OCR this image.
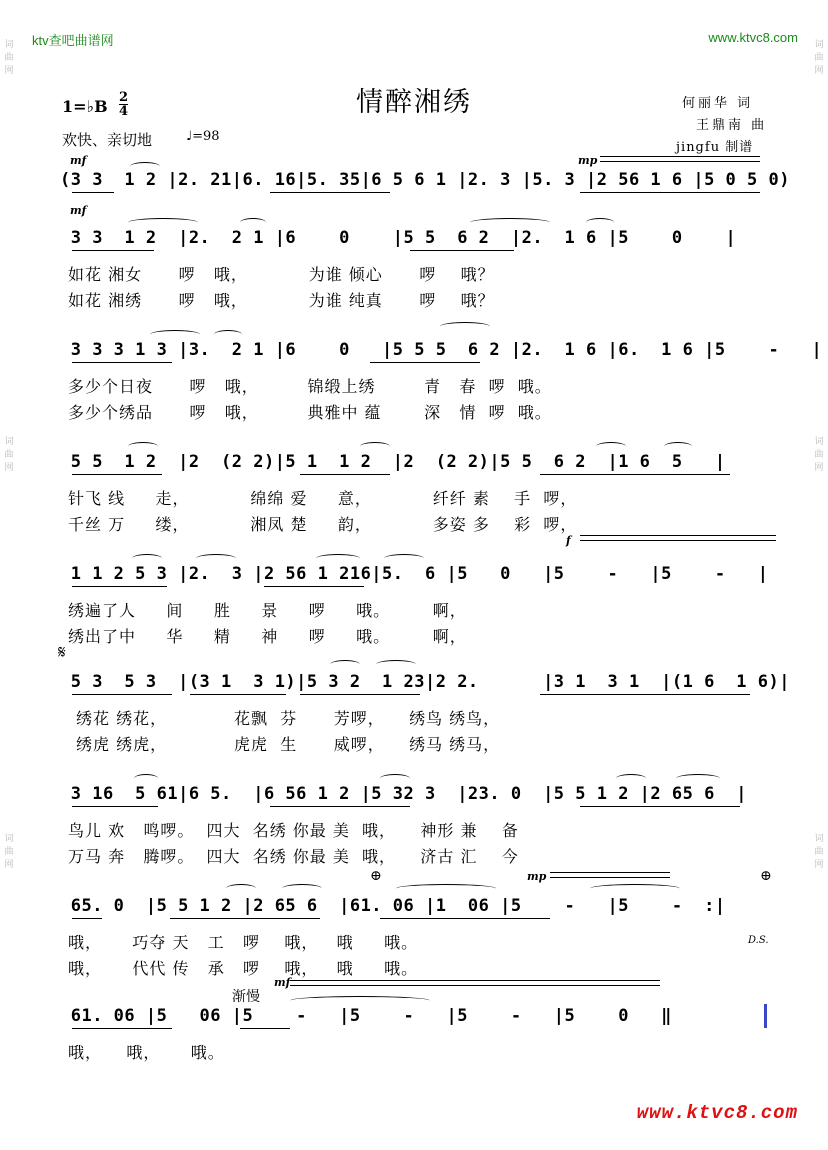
词
曲
网
词
曲
网
词
曲
网
词
曲
网
词
曲
网
词
曲
网
ktv查吧曲谱网	www.ktvc8.com
情醉湘绣
1=♭B 2
4
欢快、亲切地	♩=98
何丽华 词
王鼎南 曲
jingfu 制谱
mf	mp
mf
f
𝄋
⊕	mp	⊕
D.S.
渐慢
mf
(3 3  1 2 |2. 21|6. 16|5. 35|6 5 6 1 |2. 3 |5. 3 |2 56 1 6 |5 0 5 0)
3 3  1 2  |2.  2 1 |6    0    |5 5  6 2  |2.  1 6 |5    0    |
如花 湘女      啰   哦，          为谁 倾心      啰    哦？
如花 湘绣      啰   哦，          为谁 纯真      啰    哦？
3 3 3 1 3 |3.  2 1 |6    0   |5 5 5  6 2 |2.  1 6 |6.  1 6 |5    -   |
多少个日夜      啰   哦，        锦缎上绣        青   春  啰  哦。
多少个绣品      啰   哦，        典雅中 蕴       深   情  啰  哦。
5 5  1 2  |2  (2 2)|5 1  1 2  |2  (2 2)|5 5  6 2  |1 6  5   |
针飞 线     走，          绵绵 爱     意，          纤纤 素    手  啰，
千丝 万     缕，          湘凤 楚     韵，          多姿 多    彩  啰，
1 1 2 5 3 |2.  3 |2 56 1 216|5.  6 |5   0   |5    -   |5    -   |
绣遍了人     间     胜     景     啰     哦。       啊，
绣出了中     华     精     神     啰     哦。       啊，
5 3  5 3  |(3 1  3 1)|5 3 2  1 23|2 2.      |3 1  3 1  |(1 6  1 6)|
绣花 绣花，           花飘  芬      芳啰，    绣鸟 绣鸟，
绣虎 绣虎，           虎虎  生      威啰，    绣马 绣马，
3 16  5 61|6 5.  |6 56 1 2 |5 32 3  |23. 0  |5 5 1 2 |2 65 6  |
鸟儿 欢   鸣啰。  四大  名绣 你最 美  哦，    神形 兼    备
万马 奔   腾啰。  四大  名绣 你最 美  哦，    济古 汇    今
65. 0  |5 5 1 2 |2 65 6  |61. 06 |1  06 |5    -   |5    -  :|
哦，     巧夺 天   工   啰    哦，   哦     哦。
哦，     代代 传   承   啰    哦，   哦     哦。
61. 06 |5   06 |5    -   |5    -   |5    -   |5    0   ‖
哦，    哦，     哦。
www.ktvc8.com
